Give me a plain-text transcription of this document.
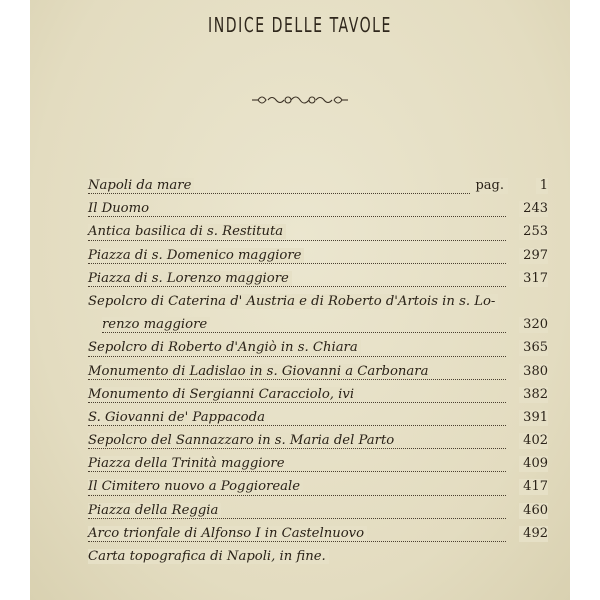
INDICE DELLE TAVOLE
Napoli da mare	pag.	1
Il Duomo	243
Antica basilica di s. Restituta	253
Piazza di s. Domenico maggiore	297
Piazza di s. Lorenzo maggiore	317
Sepolcro di Caterina d' Austria e di Roberto d'Artois in s. Lo-
renzo maggiore	320
Sepolcro di Roberto d'Angiò in s. Chiara	365
Monumento di Ladislao in s. Giovanni a Carbonara	380
Monumento di Sergianni Caracciolo, ivi	382
S. Giovanni de' Pappacoda	391
Sepolcro del Sannazzaro in s. Maria del Parto	402
Piazza della Trinità maggiore	409
Il Cimitero nuovo a Poggioreale	417
Piazza della Reggia	460
Arco trionfale di Alfonso I in Castelnuovo	492
Carta topografica di Napoli, in fine.
